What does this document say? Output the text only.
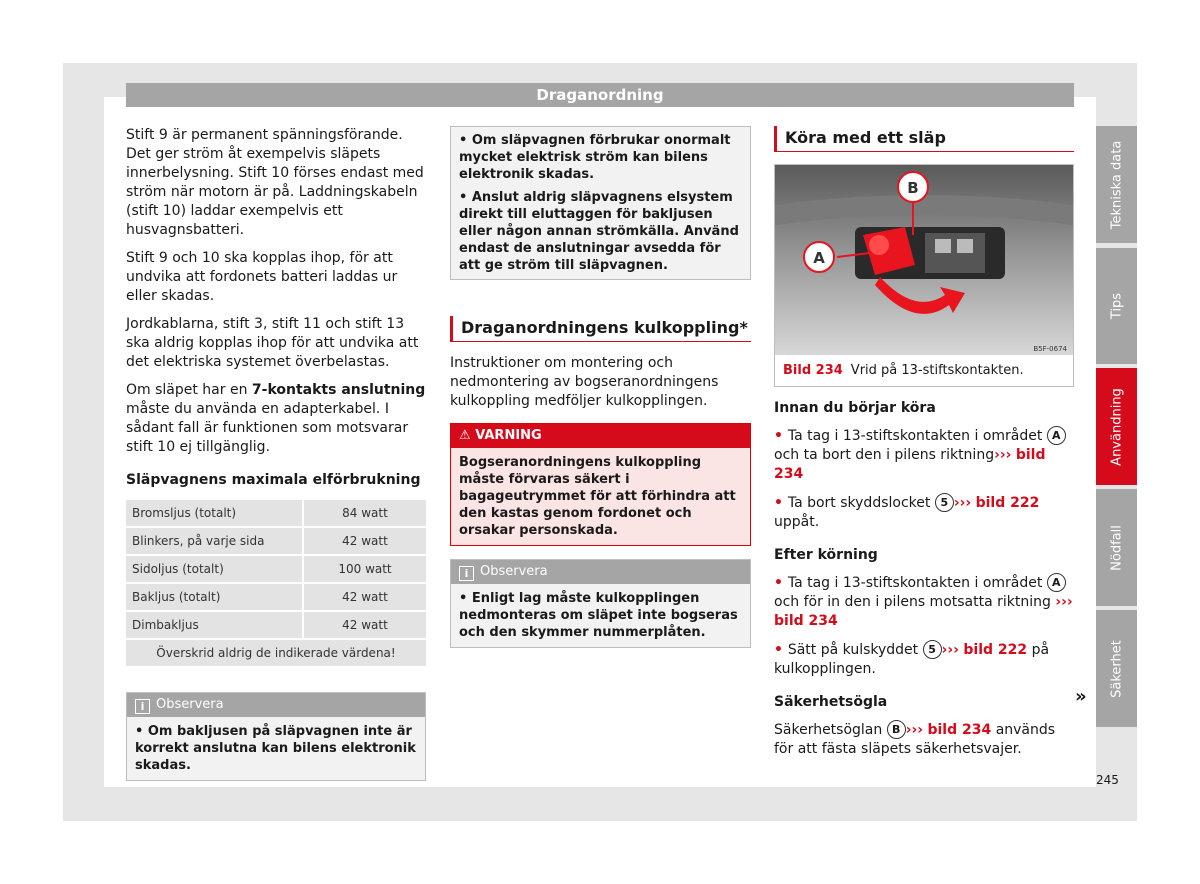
Draganordning

Stift 9 är permanent spänningsförande. Det ger ström åt exempelvis släpets innerbelysning. Stift 10 förses endast med ström när motorn är på. Laddningskabeln (stift 10) laddar exempelvis ett husvagnsbatteri.

Stift 9 och 10 ska kopplas ihop, för att undvika att fordonets batteri laddas ur eller skadas.

Jordkablarna, stift 3, stift 11 och stift 13 ska aldrig kopplas ihop för att undvika att det elektriska systemet överbelastas.

Om släpet har en 7-kontakts anslutning måste du använda en adapterkabel. I sådant fall är funktionen som motsvarar stift 10 ej tillgänglig.

Släpvagnens maximala elförbrukning
Bromsljus (totalt)	84 watt
Blinkers, på varje sida	42 watt
Sidoljus (totalt)	100 watt
Bakljus (totalt)	42 watt
Dimbakljus	42 watt
Överskrid aldrig de indikerade värdena!	
i Observera
• Om bakljusen på släpvagnen inte är korrekt anslutna kan bilens elektronik skadas.
• Om släpvagnen förbrukar onormalt mycket elektrisk ström kan bilens elektronik skadas.
• Anslut aldrig släpvagnens elsystem direkt till eluttaggen för bakljusen eller någon annan strömkälla. Använd endast de anslutningar avsedda för att ge ström till släpvagnen.
Draganordningens kulkoppling*

Instruktioner om montering och nedmontering av bogseranordningens kulkoppling medföljer kulkopplingen.

⚠ VARNING
Bogseranordningens kulkoppling måste förvaras säkert i bagageutrymmet för att förhindra att den kastas genom fordonet och orsakar personskada.
i Observera
• Enligt lag måste kulkopplingen nedmonteras om släpet inte bogseras och den skymmer nummerplåten.
Köra med ett släp
A
B
B5F-0674
Bild 234 Vrid på 13-stiftskontakten.
Innan du börjar köra

• Ta tag i 13-stiftskontakten i området A och ta bort den i pilens riktning››› bild 234

• Ta bort skyddslocket 5 ››› bild 222 uppåt.

Efter körning

• Ta tag i 13-stiftskontakten i området A och för in den i pilens motsatta riktning ››› bild 234

• Sätt på kulskyddet 5 ››› bild 222 på kulkopplingen.

Säkerhetsögla

Säkerhetsöglan B ››› bild 234 används för att fästa släpets säkerhetsvajer.

»
Tekniska data
Tips
Användning
Nödfall
Säkerhet
245
